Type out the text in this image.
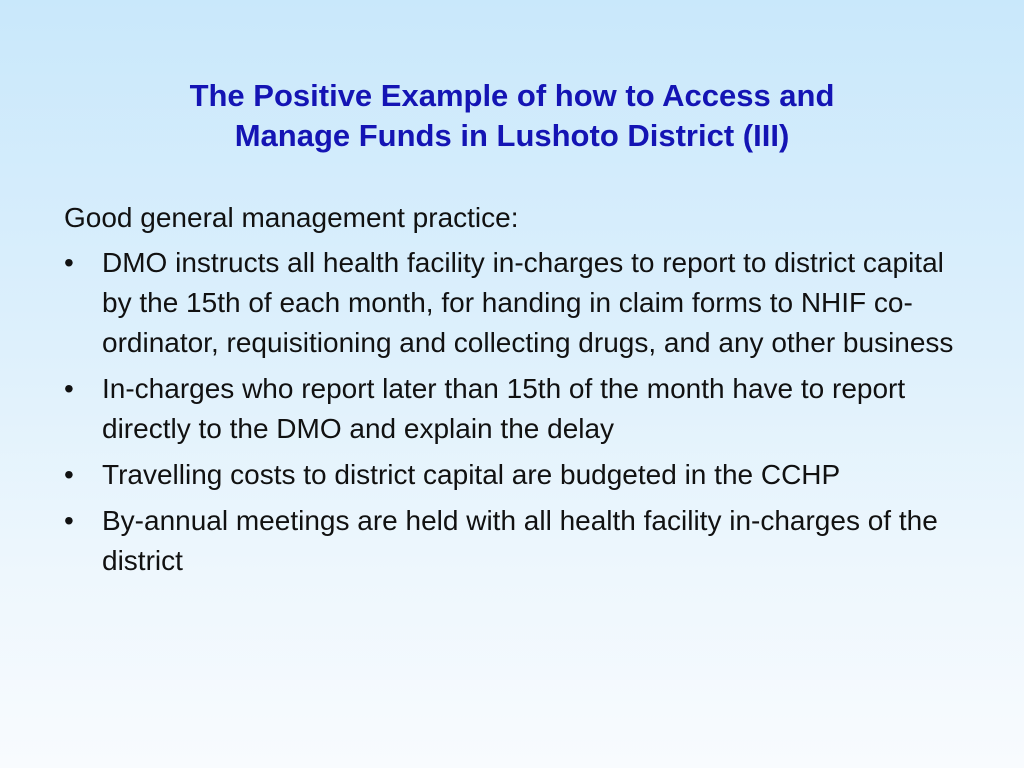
The Positive Example of how to Access and
Manage Funds in Lushoto District (III)

Good general management practice:

• DMO instructs all health facility in-charges to report to district capital by the 15th of each month, for handing in claim forms to NHIF co-ordinator, requisitioning and collecting drugs, and any other business
• In-charges who report later than 15th of the month have to report directly to the DMO and explain the delay
• Travelling costs to district capital are budgeted in the CCHP
• By-annual meetings are held with all health facility in-charges of the district
